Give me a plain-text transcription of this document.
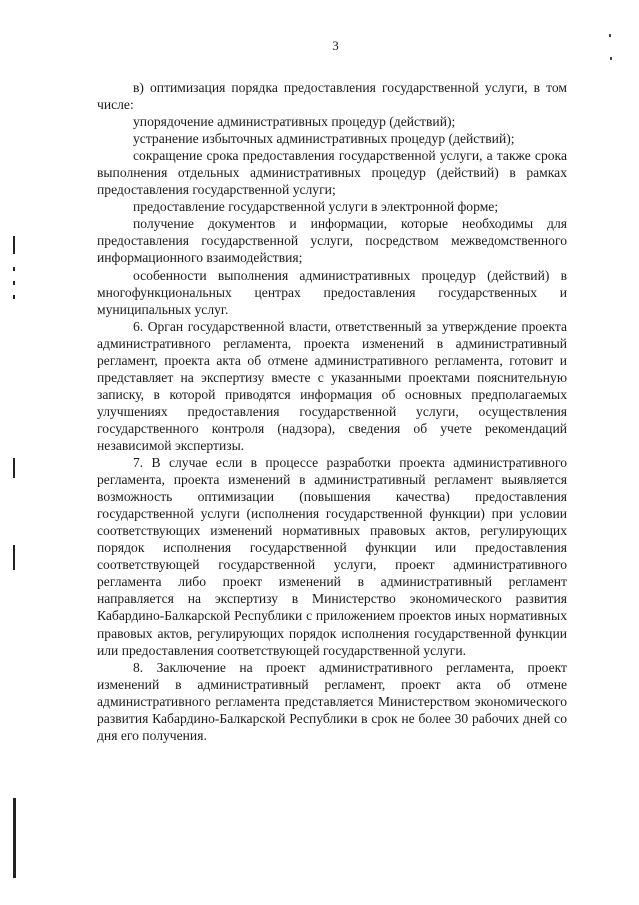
3

в) оптимизация порядка предоставления государственной услуги, в том числе:

упорядочение административных процедур (действий);

устранение избыточных административных процедур (действий);

сокращение срока предоставления государственной услуги, а также срока выполнения отдельных административных процедур (действий) в рамках предоставления государственной услуги;

предоставление государственной услуги в электронной форме;

получение документов и информации, которые необходимы для предоставления государственной услуги, посредством межведомственного информационного взаимодействия;

особенности выполнения административных процедур (действий) в многофункциональных центрах предоставления государственных и муниципальных услуг.

6. Орган государственной власти, ответственный за утверждение проекта административного регламента, проекта изменений в административный регламент, проекта акта об отмене административного регламента, готовит и представляет на экспертизу вместе с указанными проектами пояснительную записку, в которой приводятся информация об основных предполагаемых улучшениях предоставления государственной услуги, осуществления государственного контроля (надзора), сведения об учете рекомендаций независимой экспертизы.

7. В случае если в процессе разработки проекта административного регламента, проекта изменений в административный регламент выявляется возможность оптимизации (повышения качества) предоставления государственной услуги (исполнения государственной функции) при условии соответствующих изменений нормативных правовых актов, регулирующих порядок исполнения государственной функции или предоставления соответствующей государственной услуги, проект административного регламента либо проект изменений в административный регламент направляется на экспертизу в Министерство экономического развития Кабардино-Балкарской Республики с приложением проектов иных нормативных правовых актов, регулирующих порядок исполнения государственной функции или предоставления соответствующей государственной услуги.

8. Заключение на проект административного регламента, проект изменений в административный регламент, проект акта об отмене административного регламента представляется Министерством экономического развития Кабардино-Балкарской Республики в срок не более 30 рабочих дней со дня его получения.
